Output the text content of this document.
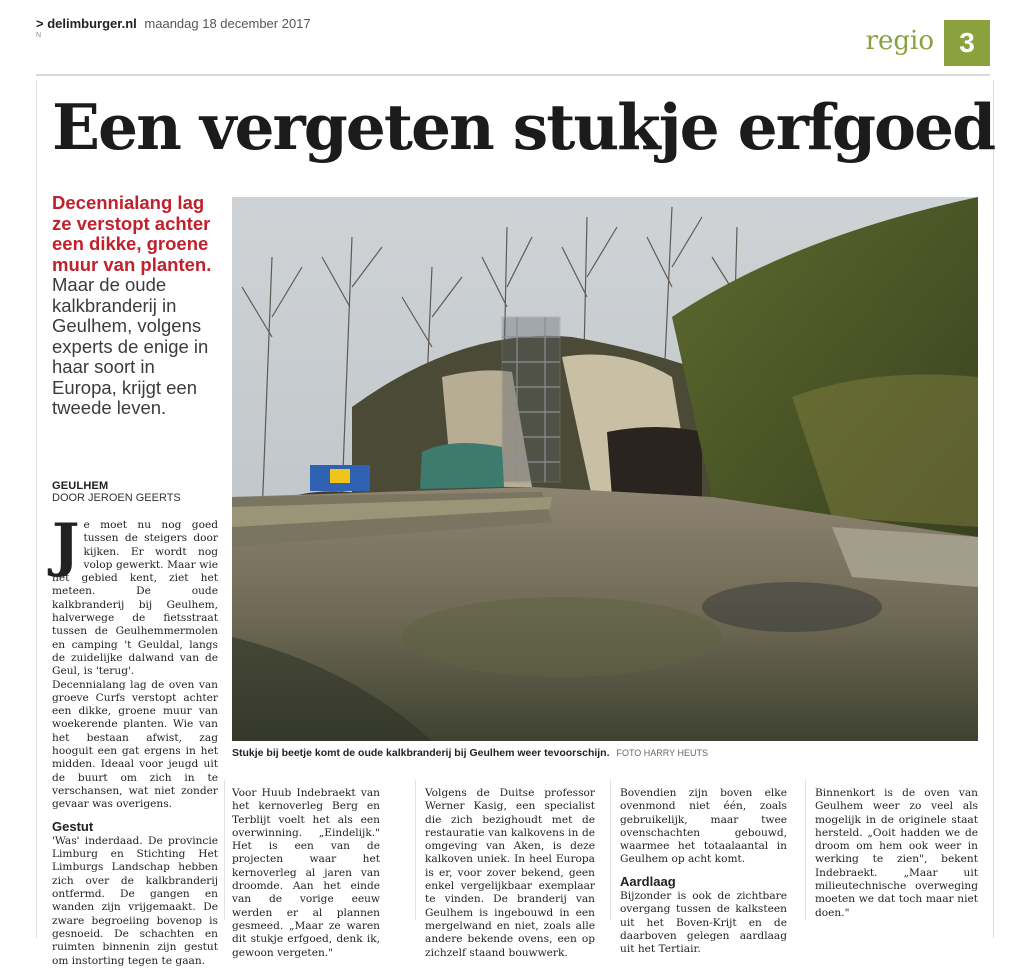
> delimburger.nl maandag 18 december 2017
N	regio 3
Een vergeten stukje erfgoed
Decennialang lag ze verstopt achter een dikke, groene muur van planten.
Maar de oude kalkbranderij in Geulhem, volgens experts de enige in haar soort in Europa, krijgt een tweede leven.
GEULHEM
DOOR JEROEN GEERTS
Stukje bij beetje komt de oude kalkbranderij bij Geulhem weer tevoorschijn. FOTO HARRY HEUTS

Je moet nu nog goed tussen de steigers door kijken. Er wordt nog volop gewerkt. Maar wie het gebied kent, ziet het meteen. De oude kalkbranderij bij Geulhem, halverwege de fietsstraat tussen de Geulhemmermolen en camping 't Geuldal, langs de zuidelijke dalwand van de Geul, is 'terug'.

Decennialang lag de oven van groeve Curfs verstopt achter een dikke, groene muur van woekerende planten. Wie van het bestaan afwist, zag hooguit een gat ergens in het midden. Ideaal voor jeugd uit de buurt om zich in te verschansen, wat niet zonder gevaar was overigens.

Gestut

'Was' inderdaad. De provincie Limburg en Stichting Het Limburgs Landschap hebben zich over de kalkbranderij ontfermd. De gangen en wanden zijn vrijgemaakt. De zware begroeiing bovenop is gesnoeid. De schachten en ruimten binnenin zijn gestut om instorting tegen te gaan.

Voor Huub Indebraekt van het kernoverleg Berg en Terblijt voelt het als een overwinning. „Eindelijk." Het is een van de projecten waar het kernoverleg al jaren van droomde. Aan het einde van de vorige eeuw werden er al plannen gesmeed. „Maar ze waren dit stukje erfgoed, denk ik, gewoon vergeten."

Volgens de Duitse professor Werner Kasig, een specialist die zich bezighoudt met de restauratie van kalkovens in de omgeving van Aken, is deze kalkoven uniek. In heel Europa is er, voor zover bekend, geen enkel vergelijkbaar exemplaar te vinden. De branderij van Geulhem is ingebouwd in een mergelwand en niet, zoals alle andere bekende ovens, een op zichzelf staand bouwwerk.

Bovendien zijn boven elke ovenmond niet één, zoals gebruikelijk, maar twee ovenschachten gebouwd, waarmee het totaalaantal in Geulhem op acht komt.

Aardlaag

Bijzonder is ook de zichtbare overgang tussen de kalksteen uit het Boven-Krijt en de daarboven gelegen aardlaag uit het Tertiair.

Binnenkort is de oven van Geulhem weer zo veel als mogelijk in de originele staat hersteld. „Ooit hadden we de droom om hem ook weer in werking te zien", bekent Indebraekt. „Maar uit milieutechnische overweging moeten we dat toch maar niet doen."
